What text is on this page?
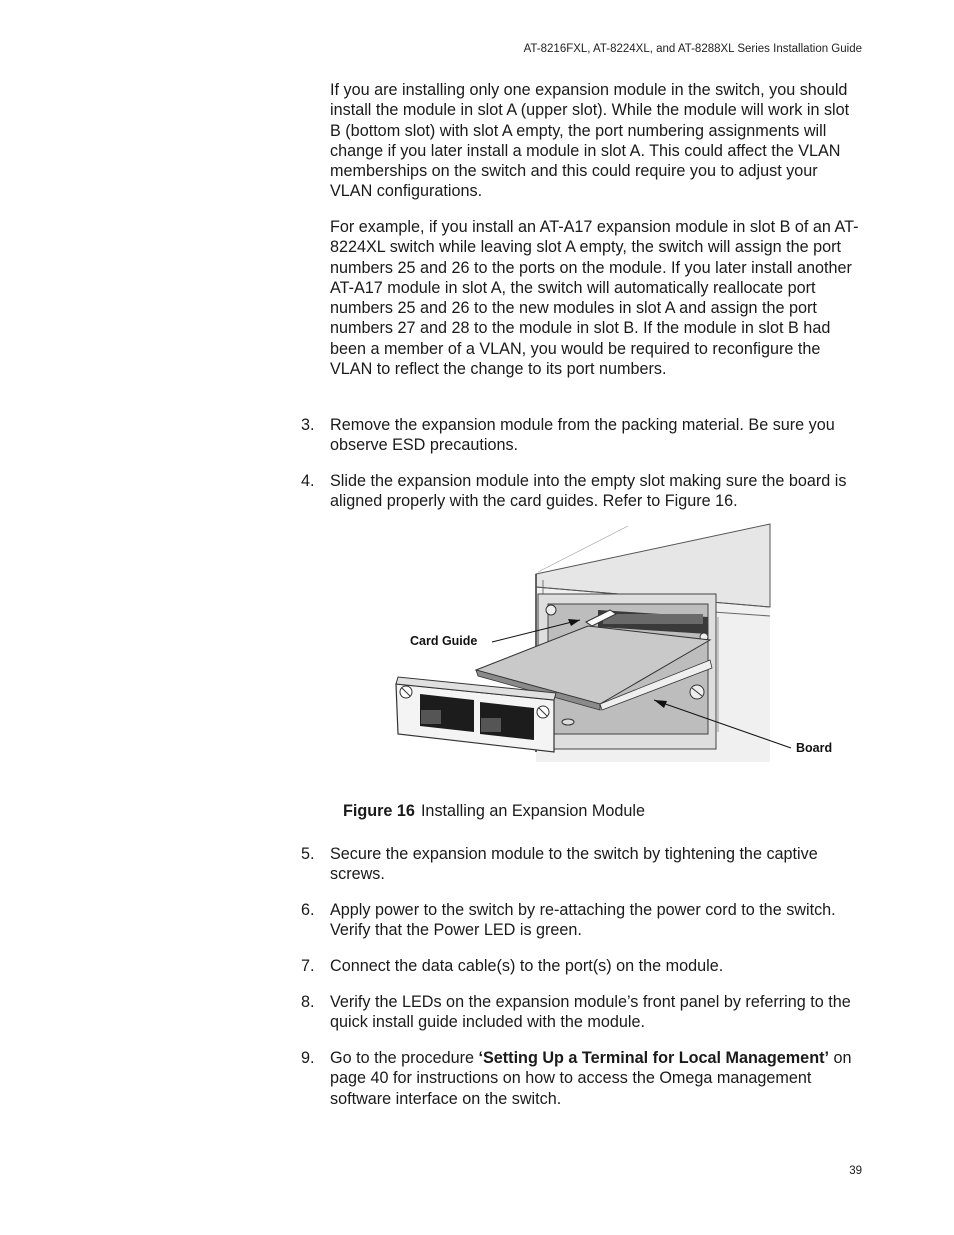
AT-8216FXL, AT-8224XL, and AT-8288XL Series Installation Guide

If you are installing only one expansion module in the switch, you should install the module in slot A (upper slot). While the module will work in slot B (bottom slot) with slot A empty, the port numbering assignments will change if you later install a module in slot A. This could affect the VLAN memberships on the switch and this could require you to adjust your VLAN configurations.

For example, if you install an AT-A17 expansion module in slot B of an AT-8224XL switch while leaving slot A empty, the switch will assign the port numbers 25 and 26 to the ports on the module. If you later install another AT-A17 module in slot A, the switch will automatically reallocate port numbers 25 and 26 to the new modules in slot A and assign the port numbers 27 and 28 to the module in slot B. If the module in slot B had been a member of a VLAN, you would be required to reconfigure the VLAN to reflect the change to its port numbers.

3. Remove the expansion module from the packing material. Be sure you observe ESD precautions.
4. Slide the expansion module into the empty slot making sure the board is aligned properly with the card guides. Refer to Figure 16.
Card Guide
Board
Figure 16 Installing an Expansion Module
5. Secure the expansion module to the switch by tightening the captive screws.
6. Apply power to the switch by re-attaching the power cord to the switch. Verify that the Power LED is green.
7. Connect the data cable(s) to the port(s) on the module.
8. Verify the LEDs on the expansion module’s front panel by referring to the quick install guide included with the module.
9. Go to the procedure ‘Setting Up a Terminal for Local Management’ on page 40 for instructions on how to access the Omega management software interface on the switch.
39
